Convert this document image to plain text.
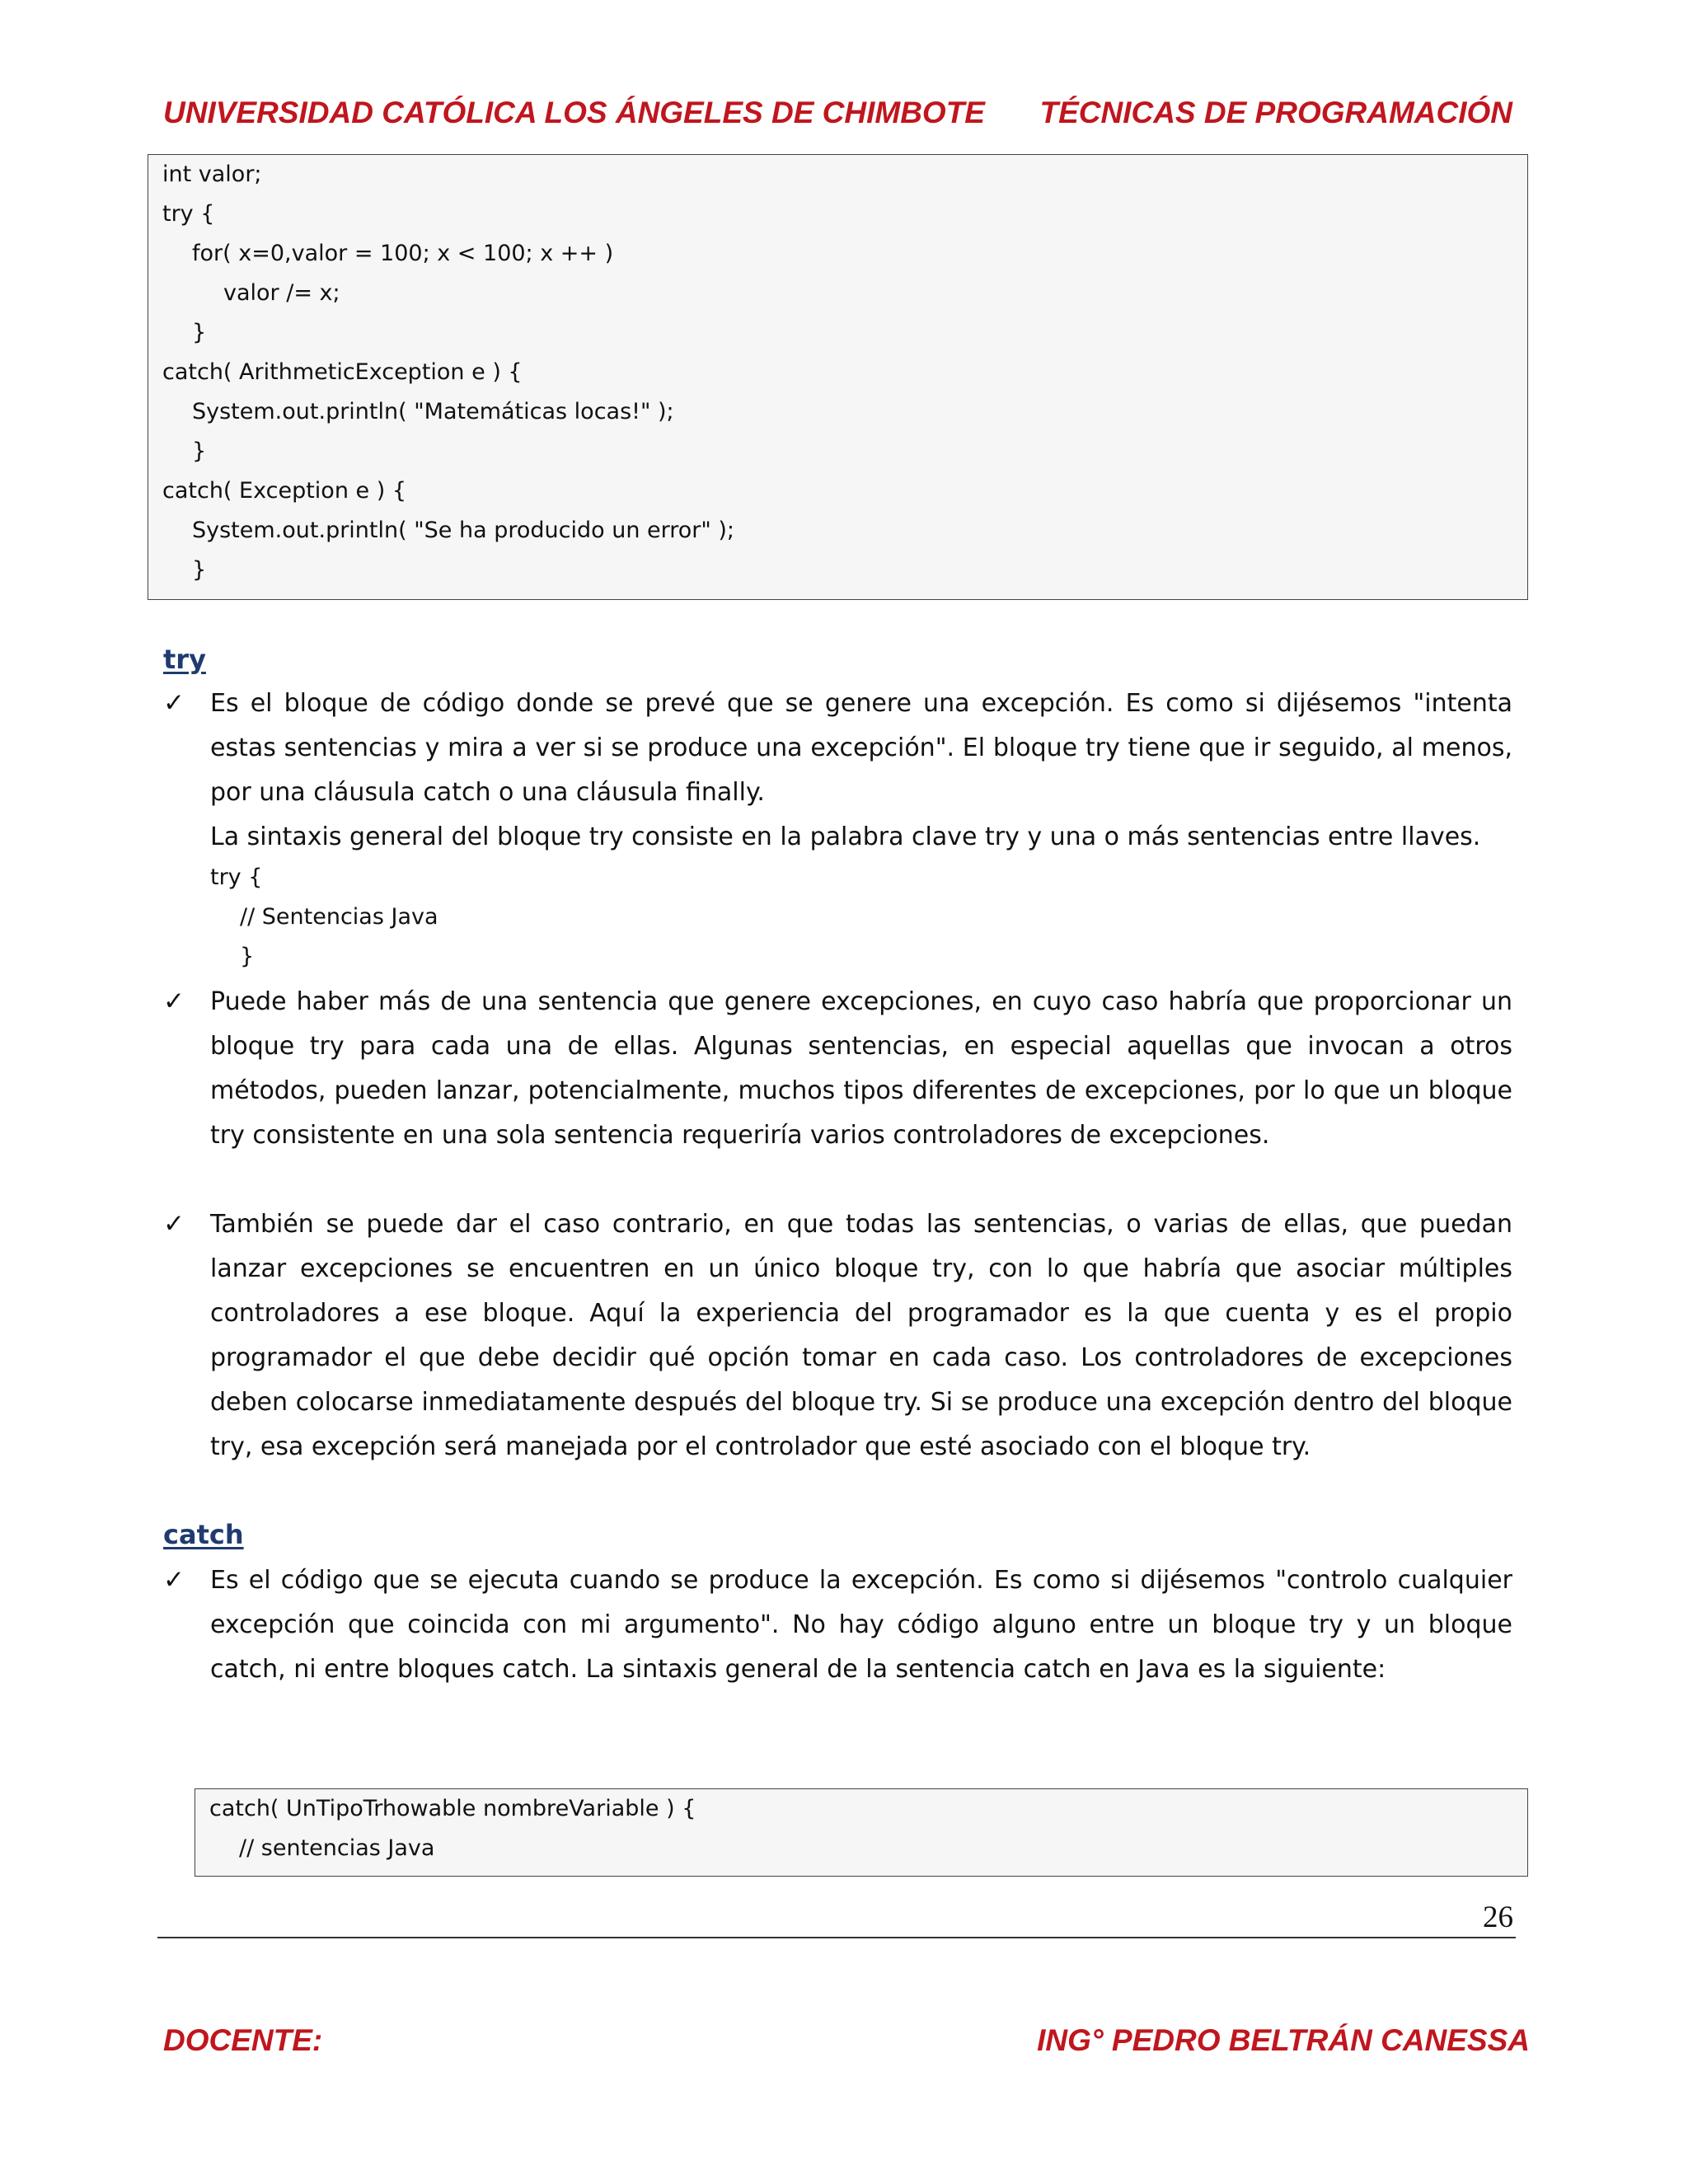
UNIVERSIDAD CATÓLICA LOS ÁNGELES DE CHIMBOTE TÉCNICAS DE PROGRAMACIÓN
int valor;
try {
for( x=0,valor = 100; x < 100; x ++ )
valor /= x;
}
catch( ArithmeticException e ) {
System.out.println( "Matemáticas locas!" );
}
catch( Exception e ) {
System.out.println( "Se ha producido un error" );
}
try
✓ Es el bloque de código donde se prevé que se genere una excepción. Es como si dijésemos "intenta estas sentencias y mira a ver si se produce una excepción". El bloque try tiene que ir seguido, al menos, por una cláusula catch o una cláusula finally.
La sintaxis general del bloque try consiste en la palabra clave try y una o más sentencias entre llaves.
try {
// Sentencias Java
}
✓ Puede haber más de una sentencia que genere excepciones, en cuyo caso habría que proporcionar un bloque try para cada una de ellas. Algunas sentencias, en especial aquellas que invocan a otros métodos, pueden lanzar, potencialmente, muchos tipos diferentes de excepciones, por lo que un bloque try consistente en una sola sentencia requeriría varios controladores de excepciones.
✓ También se puede dar el caso contrario, en que todas las sentencias, o varias de ellas, que puedan lanzar excepciones se encuentren en un único bloque try, con lo que habría que asociar múltiples controladores a ese bloque. Aquí la experiencia del programador es la que cuenta y es el propio programador el que debe decidir qué opción tomar en cada caso. Los controladores de excepciones deben colocarse inmediatamente después del bloque try. Si se produce una excepción dentro del bloque try, esa excepción será manejada por el controlador que esté asociado con el bloque try.
catch
✓ Es el código que se ejecuta cuando se produce la excepción. Es como si dijésemos "controlo cualquier excepción que coincida con mi argumento". No hay código alguno entre un bloque try y un bloque catch, ni entre bloques catch. La sintaxis general de la sentencia catch en Java es la siguiente:
catch( UnTipoTrhowable nombreVariable ) {
// sentencias Java
26
DOCENTE:	ING° PEDRO BELTRÁN CANESSA
